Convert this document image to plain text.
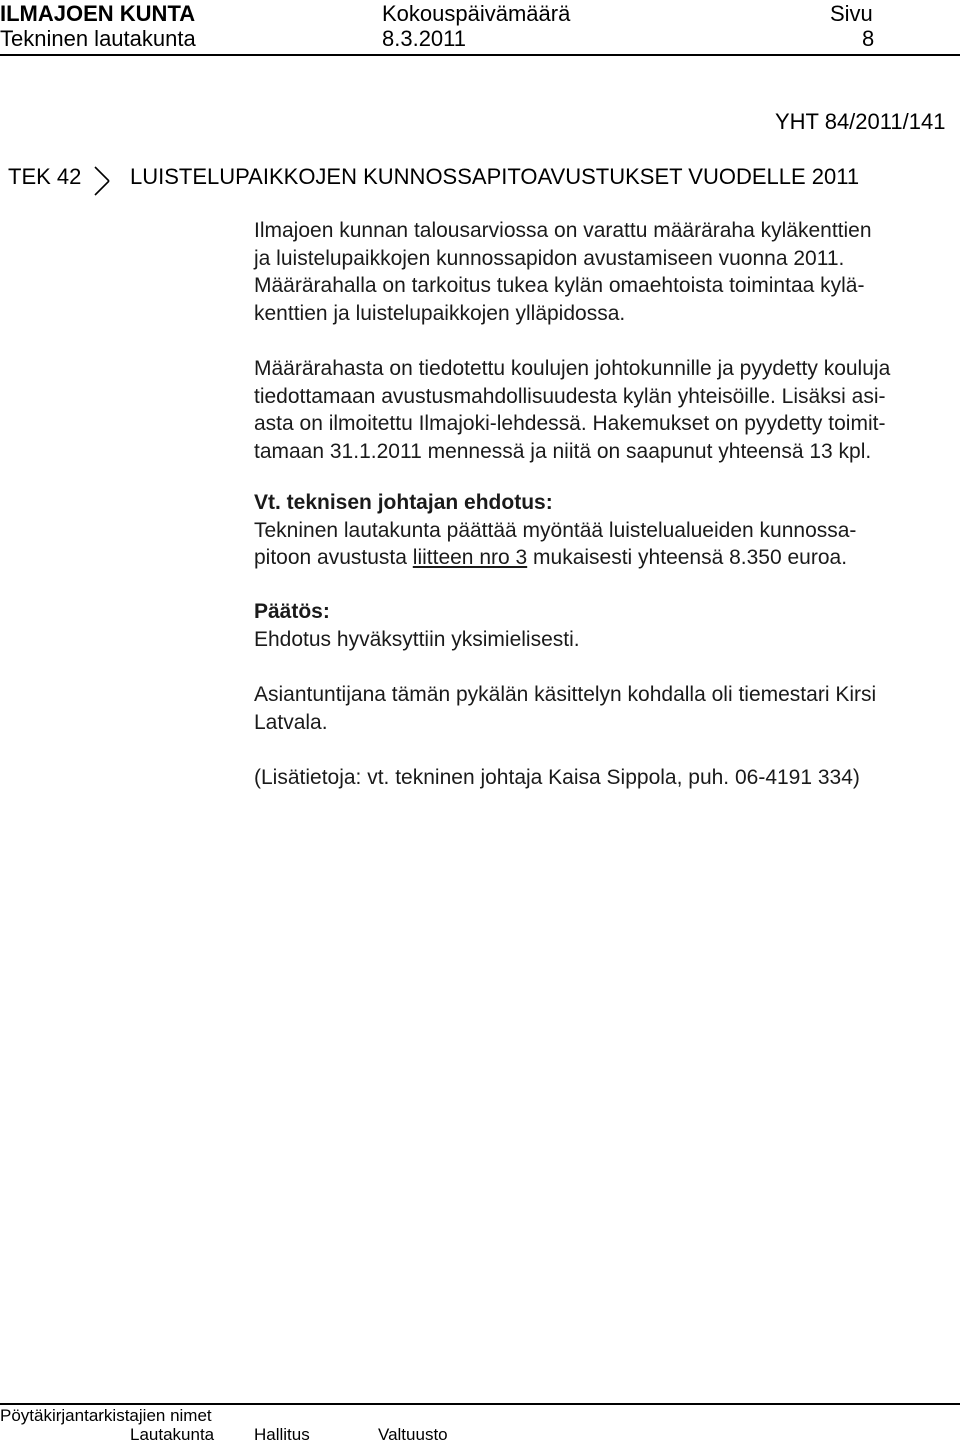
ILMAJOEN KUNTA	Kokouspäivämäärä	Sivu
Tekninen lautakunta	8.3.2011	8
YHT 84/2011/141
TEK 42 LUISTELUPAIKKOJEN KUNNOSSAPITOAVUSTUKSET VUODELLE 2011

Ilmajoen kunnan talousarviossa on varattu määräraha kyläkenttien

ja luistelupaikkojen kunnossapidon avustamiseen vuonna 2011.

Määrärahalla on tarkoitus tukea kylän omaehtoista toimintaa kylä-

kenttien ja luistelupaikkojen ylläpidossa.

Määrärahasta on tiedotettu koulujen johtokunnille ja pyydetty kouluja

tiedottamaan avustusmahdollisuudesta kylän yhteisöille. Lisäksi asi-

asta on ilmoitettu Ilmajoki-lehdessä. Hakemukset on pyydetty toimit-

tamaan 31.1.2011 mennessä ja niitä on saapunut yhteensä 13 kpl.

Vt. teknisen johtajan ehdotus:

Tekninen lautakunta päättää myöntää luistelualueiden kunnossa-

pitoon avustusta liitteen nro 3 mukaisesti yhteensä 8.350 euroa.

Päätös:

Ehdotus hyväksyttiin yksimielisesti.

Asiantuntijana tämän pykälän käsittelyn kohdalla oli tiemestari Kirsi

Latvala.

(Lisätietoja: vt. tekninen johtaja Kaisa Sippola, puh. 06-4191 334)
Pöytäkirjantarkistajien nimet
Lautakunta Hallitus	Valtuusto
